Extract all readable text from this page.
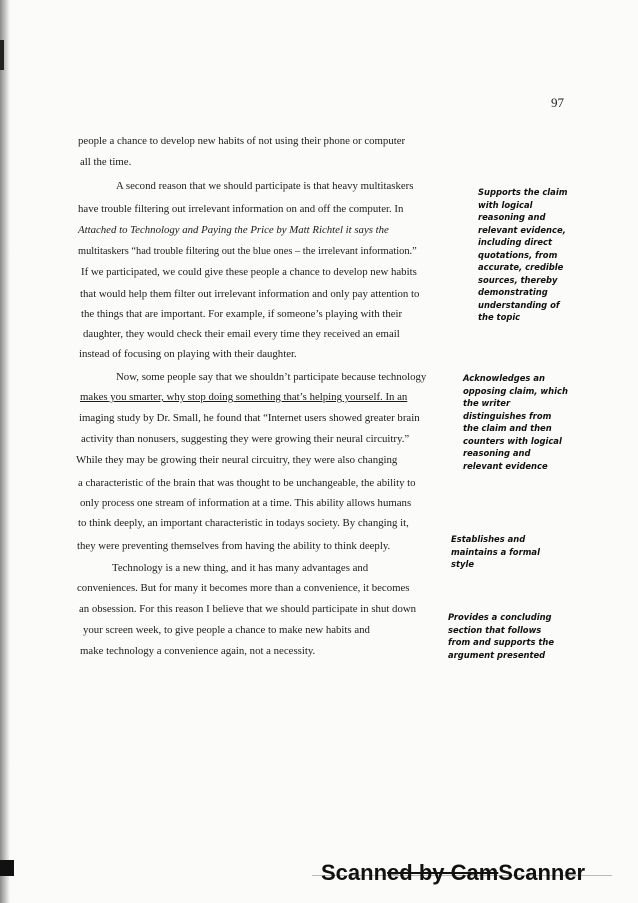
97
people a chance to develop new habits of not using their phone or computer
all the time.
A second reason that we should participate is that heavy multitaskers
have trouble filtering out irrelevant information on and off the computer. In
Attached to Technology and Paying the Price by Matt Richtel it says the
multitaskers “had trouble filtering out the blue ones – the irrelevant information.”
If we participated, we could give these people a chance to develop new habits
that would help them filter out irrelevant information and only pay attention to
the things that are important. For example, if someone’s playing with their
daughter, they would check their email every time they received an email
instead of focusing on playing with their daughter.
Now, some people say that we shouldn’t participate because technology
makes you smarter, why stop doing something that’s helping yourself. In an
imaging study by Dr. Small, he found that “Internet users showed greater brain
activity than nonusers, suggesting they were growing their neural circuitry.”
While they may be growing their neural circuitry, they were also changing
a characteristic of the brain that was thought to be unchangeable, the ability to
only process one stream of information at a time. This ability allows humans
to think deeply, an important characteristic in todays society. By changing it,
they were preventing themselves from having the ability to think deeply.
Technology is a new thing, and it has many advantages and
conveniences. But for many it becomes more than a convenience, it becomes
an obsession. For this reason I believe that we should participate in shut down
your screen week, to give people a chance to make new habits and
make technology a convenience again, not a necessity.
Supports the claim
with logical
reasoning and
relevant evidence,
including direct
quotations, from
accurate, credible
sources, thereby
demonstrating
understanding of
the topic
Acknowledges an
opposing claim, which
the writer
distinguishes from
the claim and then
counters with logical
reasoning and
relevant evidence
Establishes and
maintains a formal
style
Provides a concluding
section that follows
from and supports the
argument presented
Scanned by CamScanner
